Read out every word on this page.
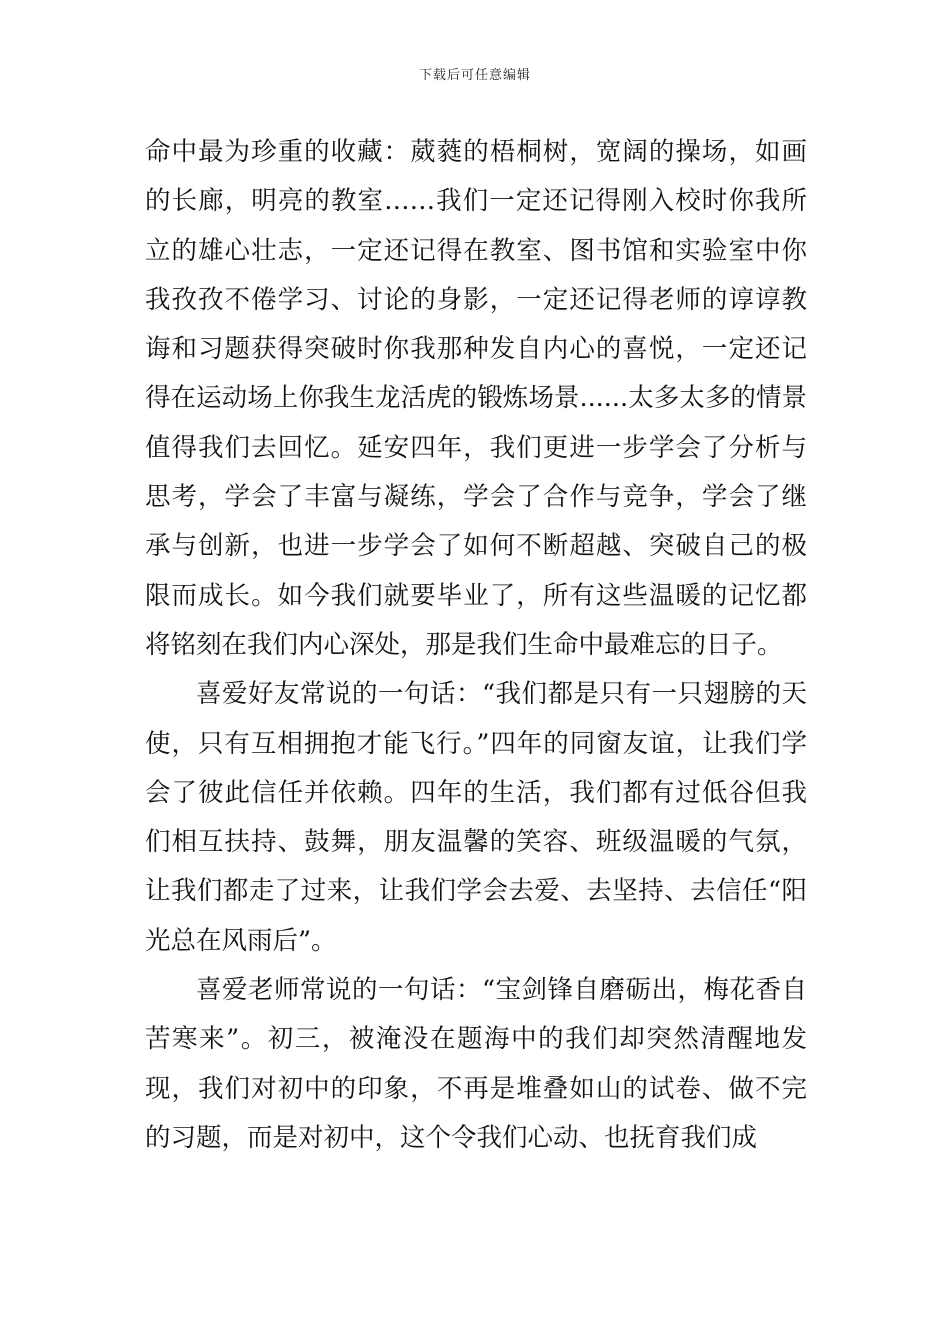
下载后可任意编辑

命中最为珍重的收藏：葳蕤的梧桐树，宽阔的操场，如画的长廊，明亮的教室……我们一定还记得刚入校时你我所立的雄心壮志，一定还记得在教室、图书馆和实验室中你我孜孜不倦学习、讨论的身影，一定还记得老师的谆谆教诲和习题获得突破时你我那种发自内心的喜悦，一定还记得在运动场上你我生龙活虎的锻炼场景......太多太多的情景值得我们去回忆。延安四年，我们更进一步学会了分析与思考，学会了丰富与凝练，学会了合作与竞争，学会了继承与创新，也进一步学会了如何不断超越、突破自己的极限而成长。如今我们就要毕业了，所有这些温暖的记忆都将铭刻在我们内心深处，那是我们生命中最难忘的日子。

喜爱好友常说的一句话：“我们都是只有一只翅膀的天使，只有互相拥抱才能飞行。”四年的同窗友谊，让我们学会了彼此信任并依赖。四年的生活，我们都有过低谷但我们相互扶持、鼓舞，朋友温馨的笑容、班级温暖的气氛，让我们都走了过来，让我们学会去爱、去坚持、去信任“阳光总在风雨后”。

喜爱老师常说的一句话：“宝剑锋自磨砺出，梅花香自苦寒来”。初三，被淹没在题海中的我们却突然清醒地发现，我们对初中的印象，不再是堆叠如山的试卷、做不完的习题，而是对初中，这个令我们心动、也抚育我们成
